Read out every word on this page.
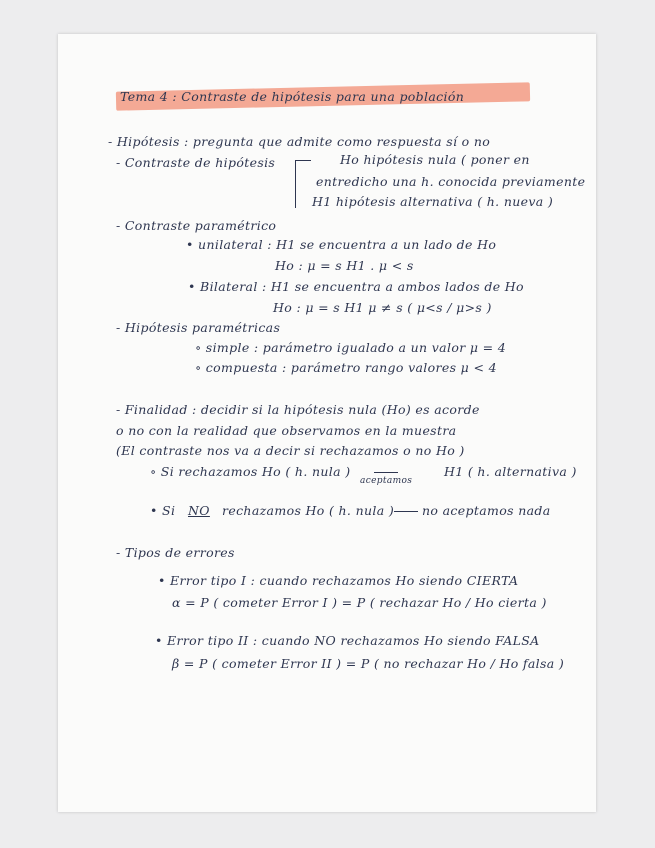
Tema 4 : Contraste de hipótesis para una población
- Hipótesis : pregunta que admite como respuesta sí o no
- Contraste de hipótesis	Ho hipótesis nula ( poner en
entredicho una h. conocida previamente
H1 hipótesis alternativa ( h. nueva )
- Contraste paramétrico
• unilateral : H1 se encuentra a un lado de Ho
Ho : μ = s H1 . μ < s
• Bilateral : H1 se encuentra a ambos lados de Ho
Ho : μ = s H1 μ ≠ s ( μ<s / μ>s )
- Hipótesis paramétricas
∘ simple : parámetro igualado a un valor μ = 4
∘ compuesta : parámetro rango valores μ < 4
- Finalidad : decidir si la hipótesis nula (Ho) es acorde
o no con la realidad que observamos en la muestra
(El contraste nos va a decir si rechazamos o no Ho )
∘ Si rechazamos Ho ( h. nula )	H1 ( h. alternativa )
aceptamos
• Si NO rechazamos Ho ( h. nula ) no aceptamos nada
- Tipos de errores
• Error tipo I : cuando rechazamos Ho siendo CIERTA
α = P ( cometer Error I ) = P ( rechazar Ho / Ho cierta )
• Error tipo II : cuando NO rechazamos Ho siendo FALSA
β = P ( cometer Error II ) = P ( no rechazar Ho / Ho falsa )
